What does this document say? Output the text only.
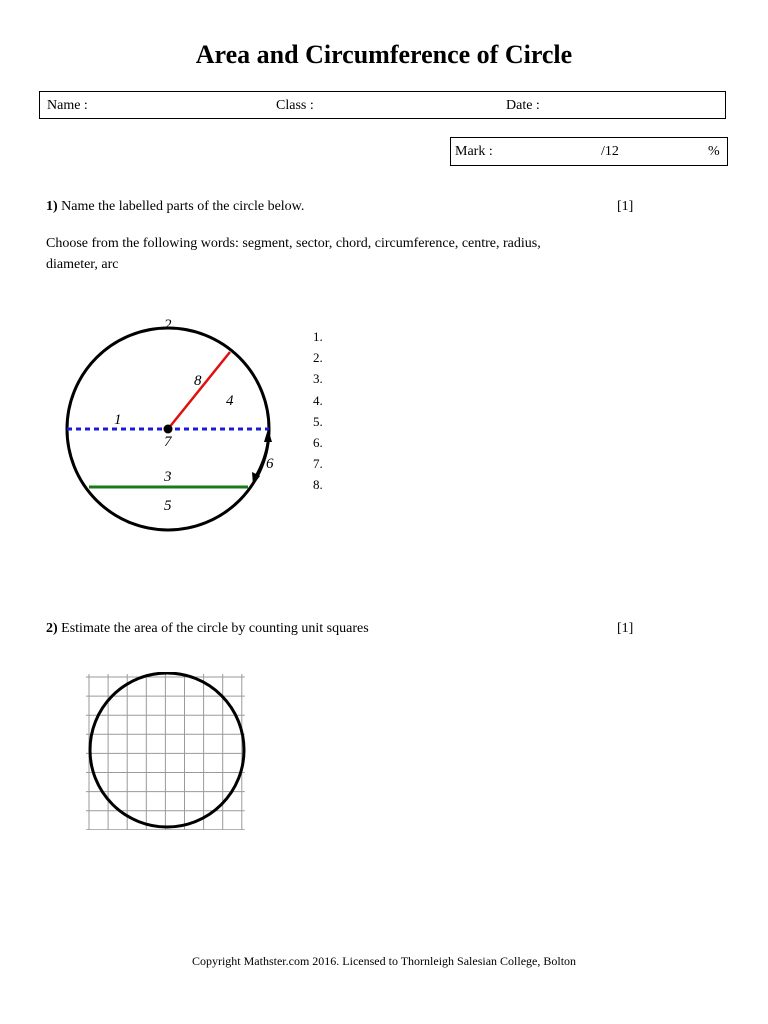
Area and Circumference of Circle
Name :	Class :	Date :
Mark :	/12	%
1) Name the labelled parts of the circle below.	[1]
Choose from the following words: segment, sector, chord, circumference, centre, radius,
diameter, arc
1
2
3
4
5
6
7
8
1.
2.
3.
4.
5.
6.
7.
8.
2) Estimate the area of the circle by counting unit squares	[1]
Copyright Mathster.com 2016. Licensed to Thornleigh Salesian College, Bolton
